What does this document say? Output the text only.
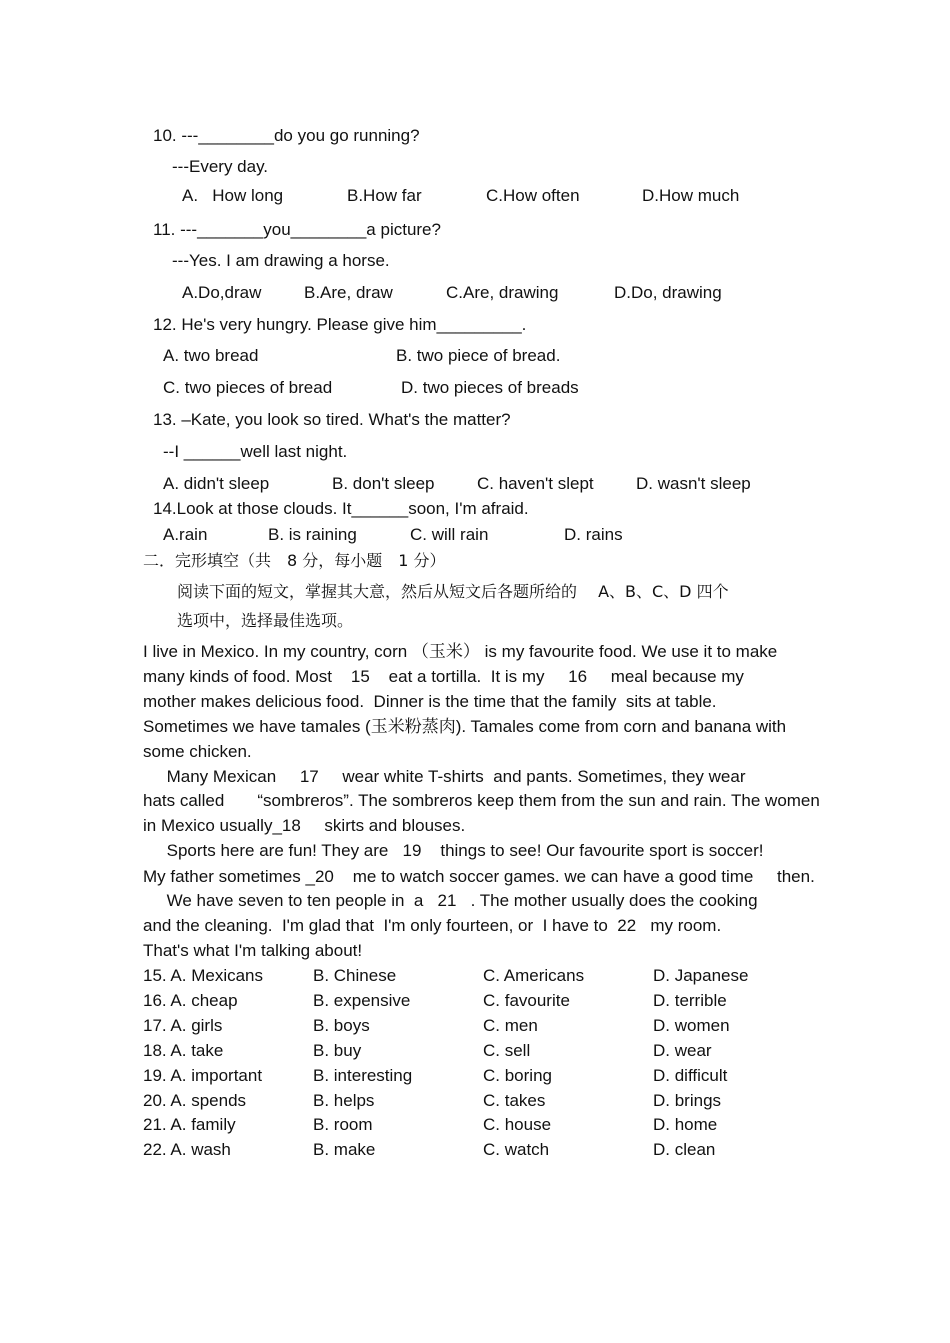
10. ---________do you go running?
---Every day.
A.   How long	B.How far	C.How often	D.How much
11. ---_______you________a picture?
---Yes. I am drawing a horse.
A.Do,draw	B.Are, draw	C.Are, drawing	D.Do, drawing
12. He's very hungry. Please give him_________.
A. two bread	B. two piece of bread.
C. two pieces of bread	D. two pieces of breads
13. –Kate, you look so tired. What's the matter?
--I ______well last night.
A. didn't sleep	B. don't sleep	C. haven't slept D. wasn't sleep
14.Look at those clouds. It______soon, I'm afraid.
A.rain	B. is raining	C. will rain	D. rains
二．完形填空（共　8 分，每小题　1 分）
阅读下面的短文，掌握其大意，然后从短文后各题所给的　 A、B、C、D 四个
选项中，选择最佳选项。
I live in Mexico. In my country, corn （玉米） is my favourite food. We use it to make
many kinds of food. Most    15    eat a tortilla.  It is my     16     meal because my
mother makes delicious food.  Dinner is the time that the family  sits at table.
Sometimes we have tamales (玉米粉蒸肉). Tamales come from corn and banana with
some chicken.
Many Mexican     17     wear white T-shirts  and pants. Sometimes, they wear
hats called       “sombreros”. The sombreros keep them from the sun and rain. The women
in Mexico usually_18     skirts and blouses.
Sports here are fun! They are   19    things to see! Our favourite sport is soccer!
My father sometimes _20    me to watch soccer games. we can have a good time     then.
We have seven to ten people in  a   21   . The mother usually does the cooking
and the cleaning.  I'm glad that  I'm only fourteen, or  I have to  22   my room.
That's what I'm talking about!
15. A. Mexicans	B. Chinese	C. Americans	D. Japanese
16. A. cheap	B. expensive	C. favourite	D. terrible
17. A. girls	B. boys	C. men	D. women
18. A. take	B. buy	C. sell	D. wear
19. A. important	B. interesting	C. boring	D. difficult
20. A. spends	B. helps	C. takes	D. brings
21. A. family	B. room	C. house	D. home
22. A. wash	B. make	C. watch	D. clean
